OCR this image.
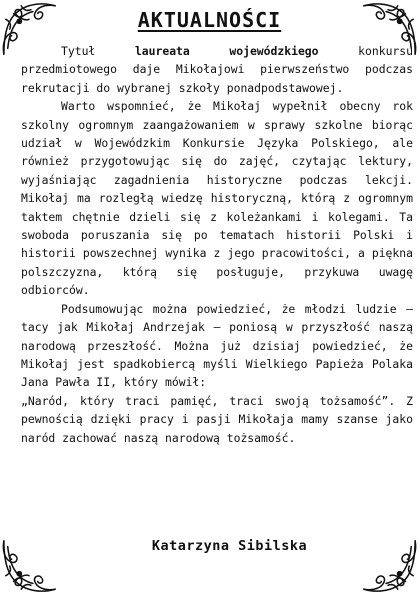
AKTUALNOŚCI

Tytuł laureata wojewódzkiego konkursu przedmiotowego daje Mikołajowi pierwszeństwo podczas rekrutacji do wybranej szkoły ponadpodstawowej.

Warto wspomnieć, że Mikołaj wypełnił obecny rok szkolny ogromnym zaangażowaniem w sprawy szkolne biorąc udział w Wojewódzkim Konkursie Języka Polskiego, ale również przygotowując się do zajęć, czytając lektury, wyjaśniając zagadnienia historyczne podczas lekcji. Mikołaj ma rozległą wiedzę historyczną, którą z ogromnym taktem chętnie dzieli się z koleżankami i kolegami. Ta swoboda poruszania się po tematach historii Polski i historii powszechnej wynika z jego pracowitości, a piękna polszczyzna, którą się posługuje, przykuwa uwagę odbiorców.

Podsumowując można powiedzieć, że młodzi ludzie – tacy jak Mikołaj Andrzejak – poniosą w przyszłość naszą narodową przeszłość. Można już dzisiaj powiedzieć, że Mikołaj jest spadkobiercą myśli Wielkiego Papieża Polaka Jana Pawła II, który mówił:

„Naród, który traci pamięć, traci swoją tożsamość”. Z pewnością dzięki pracy i pasji Mikołaja mamy szanse jako naród zachować naszą narodową tożsamość.

Katarzyna Sibilska
